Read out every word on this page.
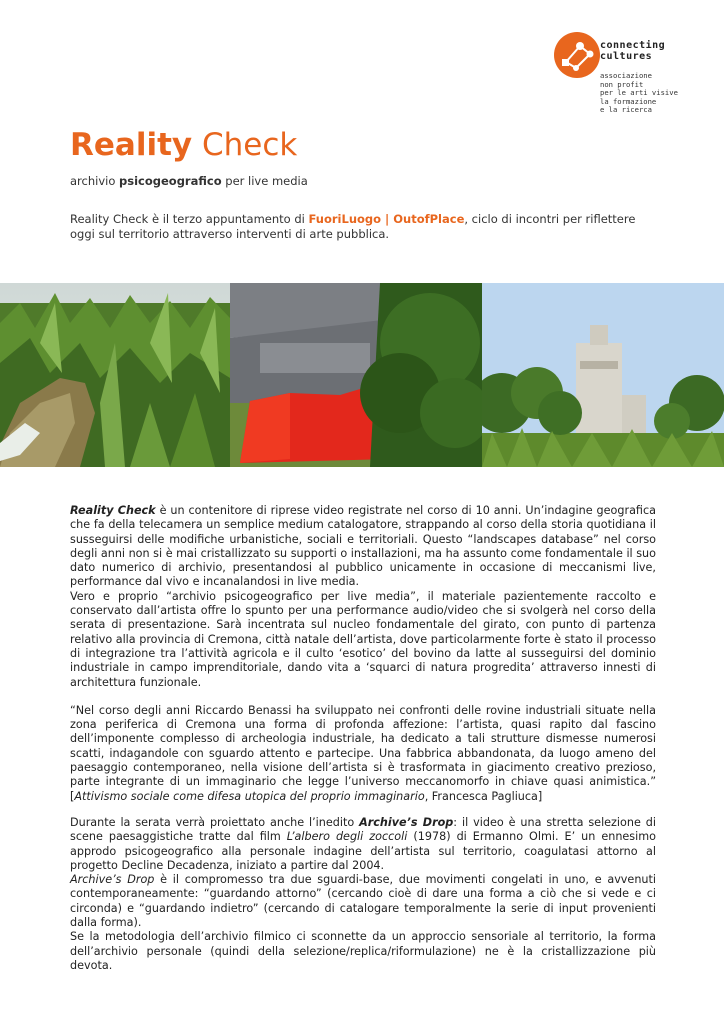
connecting
cultures
associazione
non profit
per le arti visive
la formazione
e la ricerca
Reality Check
archivio psicogeografico per live media
Reality Check è il terzo appuntamento di FuoriLuogo | OutofPlace, ciclo di incontri per riflettere oggi sul territorio attraverso interventi di arte pubblica.

Reality Check è un contenitore di riprese video registrate nel corso di 10 anni. Un’indagine geografica che fa della telecamera un semplice medium catalogatore, strappando al corso della storia quotidiana il susseguirsi delle modifiche urbanistiche, sociali e territoriali. Questo “landscapes database” nel corso degli anni non si è mai cristallizzato su supporti o installazioni, ma ha assunto come fondamentale il suo dato numerico di archivio, presentandosi al pubblico unicamente in occasione di meccanismi live, performance dal vivo e incanalandosi in live media.

Vero e proprio “archivio psicogeografico per live media”, il materiale pazientemente raccolto e conservato dall’artista offre lo spunto per una performance audio/video che si svolgerà nel corso della serata di presentazione. Sarà incentrata sul nucleo fondamentale del girato, con punto di partenza relativo alla provincia di Cremona, città natale dell’artista, dove particolarmente forte è stato il processo di integrazione tra l’attività agricola e il culto ‘esotico’ del bovino da latte al susseguirsi del dominio industriale in campo imprenditoriale, dando vita a ‘squarci di natura progredita’ attraverso innesti di architettura funzionale.

“Nel corso degli anni Riccardo Benassi ha sviluppato nei confronti delle rovine industriali situate nella zona periferica di Cremona una forma di profonda affezione: l’artista, quasi rapito dal fascino dell’imponente complesso di archeologia industriale, ha dedicato a tali strutture dismesse numerosi scatti, indagandole con sguardo attento e partecipe. Una fabbrica abbandonata, da luogo ameno del paesaggio contemporaneo, nella visione dell’artista si è trasformata in giacimento creativo prezioso, parte integrante di un immaginario che legge l’universo meccanomorfo in chiave quasi animistica.” [Attivismo sociale come difesa utopica del proprio immaginario, Francesca Pagliuca]

Durante la serata verrà proiettato anche l’inedito Archive’s Drop: il video è una stretta selezione di scene paesaggistiche tratte dal film L’albero degli zoccoli (1978) di Ermanno Olmi. E’ un ennesimo approdo psicogeografico alla personale indagine dell’artista sul territorio, coagulatasi attorno al progetto Decline Decadenza, iniziato a partire dal 2004.

Archive’s Drop è il compromesso tra due sguardi-base, due movimenti congelati in uno, e avvenuti contemporaneamente: “guardando attorno” (cercando cioè di dare una forma a ciò che si vede e ci circonda) e “guardando indietro” (cercando di catalogare temporalmente la serie di input provenienti dalla forma).

Se la metodologia dell’archivio filmico ci sconnette da un approccio sensoriale al territorio, la forma dell’archivio personale (quindi della selezione/replica/riformulazione) ne è la cristallizzazione più devota.
